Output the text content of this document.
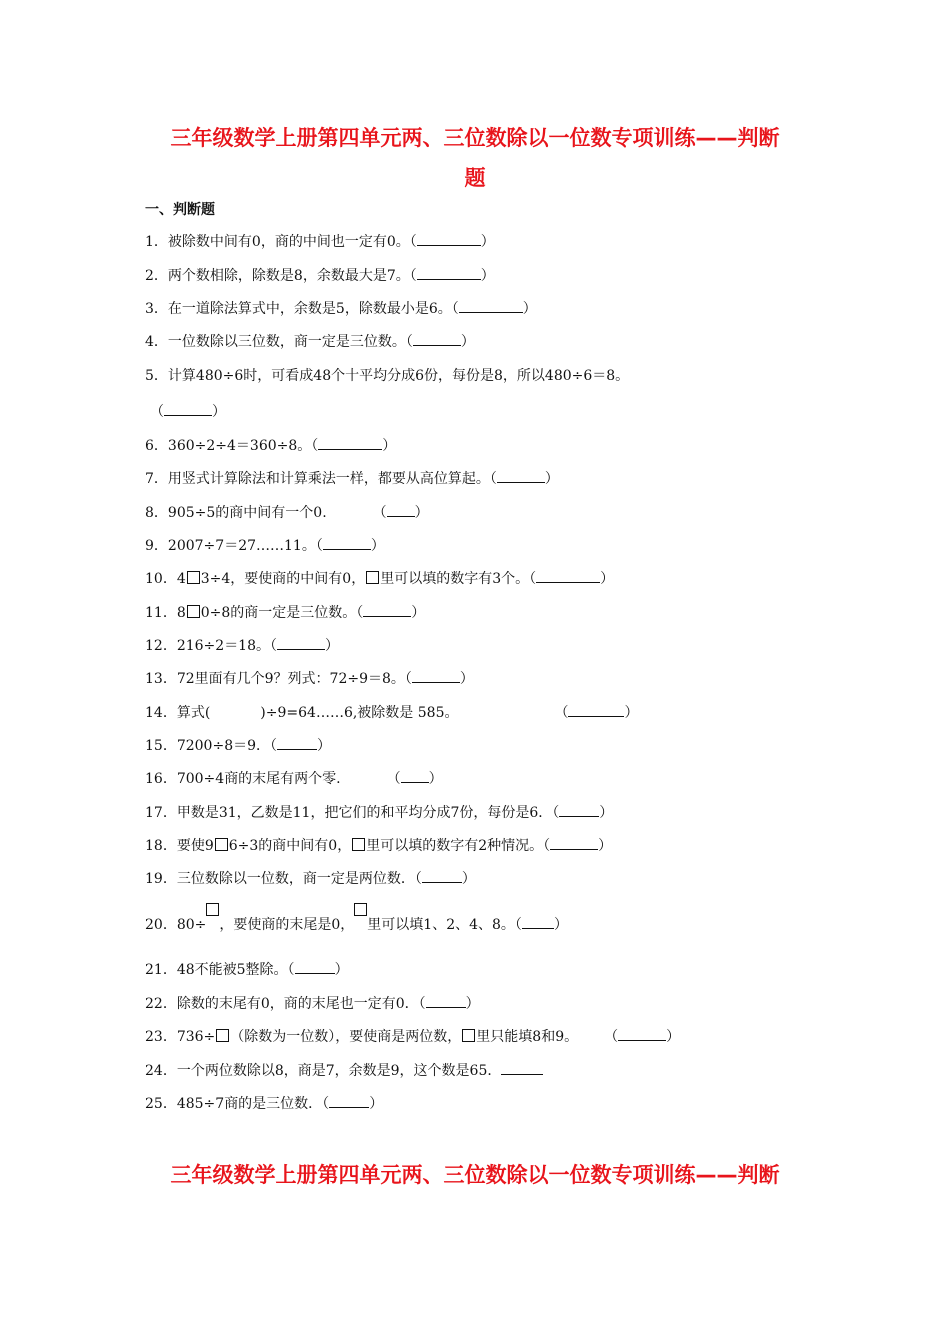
三年级数学上册第四单元两、三位数除以一位数专项训练——判断
题
一、判断题
1．被除数中间有0，商的中间也一定有0。（	）
2．两个数相除，除数是8，余数最大是7。（	）
3．在一道除法算式中，余数是5，除数最小是6。（	）
4．一位数除以三位数，商一定是三位数。（	）
5．计算480÷6时，可看成48个十平均分成6份，每份是8，所以480÷6＝8。
（	）
6．360÷2÷4＝360÷8。（	）
7．用竖式计算除法和计算乘法一样，都要从高位算起。（	）
8．905÷5的商中间有一个0.	（ ）
9．2007÷7＝27……11。（	）
10．4 3÷4，要使商的中间有0， 里可以填的数字有3个。（	）
11．8 0÷8的商一定是三位数。（	）
12．216÷2＝18。（	）
13．72里面有几个9？列式：72÷9＝8。（	）
14．算式(	)÷9=64……6,被除数是 585。	（	）
15．7200÷8＝9．（	）
16．700÷4商的末尾有两个零.	（ ）
17．甲数是31，乙数是11，把它们的和平均分成7份，每份是6．（	）
18．要使9 6÷3的商中间有0， 里可以填的数字有2种情况。（	）
19．三位数除以一位数，商一定是两位数．（	）
20．80÷ ，要使商的末尾是0， 里可以填1、2、4、8。（ ）
21．48不能被5整除。（	）
22．除数的末尾有0，商的末尾也一定有0．（	）
23．736÷ （除数为一位数），要使商是两位数， 里只能填8和9。 （	）
24．一个两位数除以8，商是7，余数是9，这个数是65．
25．485÷7商的是三位数．（	）
三年级数学上册第四单元两、三位数除以一位数专项训练——判断
